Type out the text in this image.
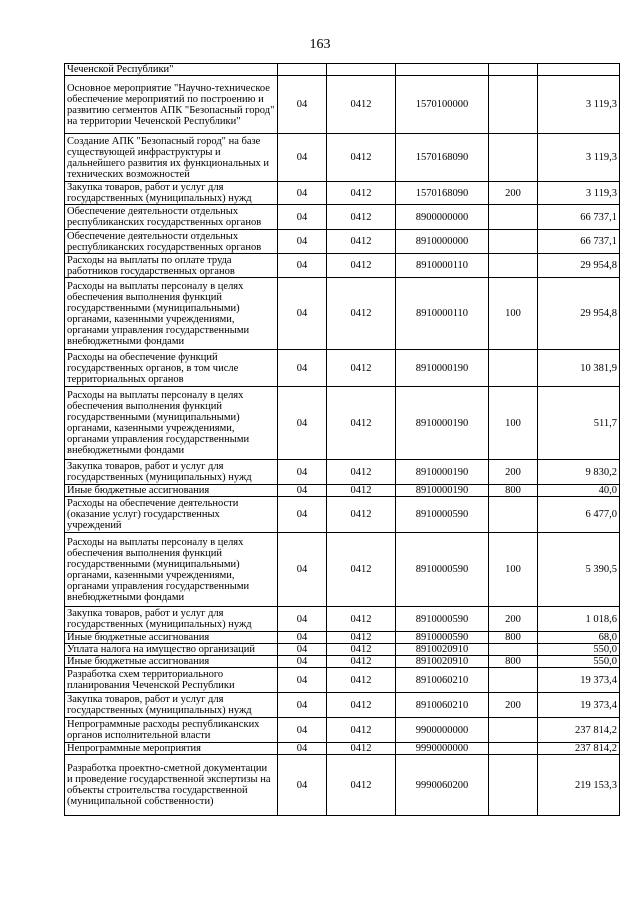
163
Чеченской Республики"					
Основное мероприятие "Научно-техническое обеспечение мероприятий по построению и развитию сегментов АПК "Безопасный город" на территории Чеченской Республики"	04	0412	1570100000		3 119,3
Создание АПК "Безопасный город" на базе существующей инфраструктуры и дальнейшего развития их функциональных и технических возможностей	04	0412	1570168090		3 119,3
Закупка товаров, работ и услуг для государственных (муниципальных) нужд	04	0412	1570168090	200	3 119,3
Обеспечение деятельности отдельных республиканских государственных органов	04	0412	8900000000		66 737,1
Обеспечение деятельности отдельных республиканских государственных органов	04	0412	8910000000		66 737,1
Расходы на выплаты по оплате труда работников государственных органов	04	0412	8910000110		29 954,8
Расходы на выплаты персоналу в целях обеспечения выполнения функций государственными (муниципальными) органами, казенными учреждениями, органами управления государственными внебюджетными фондами	04	0412	8910000110	100	29 954,8
Расходы на обеспечение функций государственных органов, в том числе территориальных органов	04	0412	8910000190		10 381,9
Расходы на выплаты персоналу в целях обеспечения выполнения функций государственными (муниципальными) органами, казенными учреждениями, органами управления государственными внебюджетными фондами	04	0412	8910000190	100	511,7
Закупка товаров, работ и услуг для государственных (муниципальных) нужд	04	0412	8910000190	200	9 830,2
Иные бюджетные ассигнования	04	0412	8910000190	800	40,0
Расходы на обеспечение деятельности (оказание услуг) государственных учреждений	04	0412	8910000590		6 477,0
Расходы на выплаты персоналу в целях обеспечения выполнения функций государственными (муниципальными) органами, казенными учреждениями, органами управления государственными внебюджетными фондами	04	0412	8910000590	100	5 390,5
Закупка товаров, работ и услуг для государственных (муниципальных) нужд	04	0412	8910000590	200	1 018,6
Иные бюджетные ассигнования	04	0412	8910000590	800	68,0
Уплата налога на имущество организаций	04	0412	8910020910		550,0
Иные бюджетные ассигнования	04	0412	8910020910	800	550,0
Разработка схем территориального планирования Чеченской Республики	04	0412	8910060210		19 373,4
Закупка товаров, работ и услуг для государственных (муниципальных) нужд	04	0412	8910060210	200	19 373,4
Непрограммные расходы республиканских органов исполнительной власти	04	0412	9900000000		237 814,2
Непрограммные мероприятия	04	0412	9990000000		237 814,2
Разработка проектно-сметной документации и проведение государственной экспертизы на объекты строительства государственной (муниципальной собственности)	04	0412	9990060200		219 153,3
